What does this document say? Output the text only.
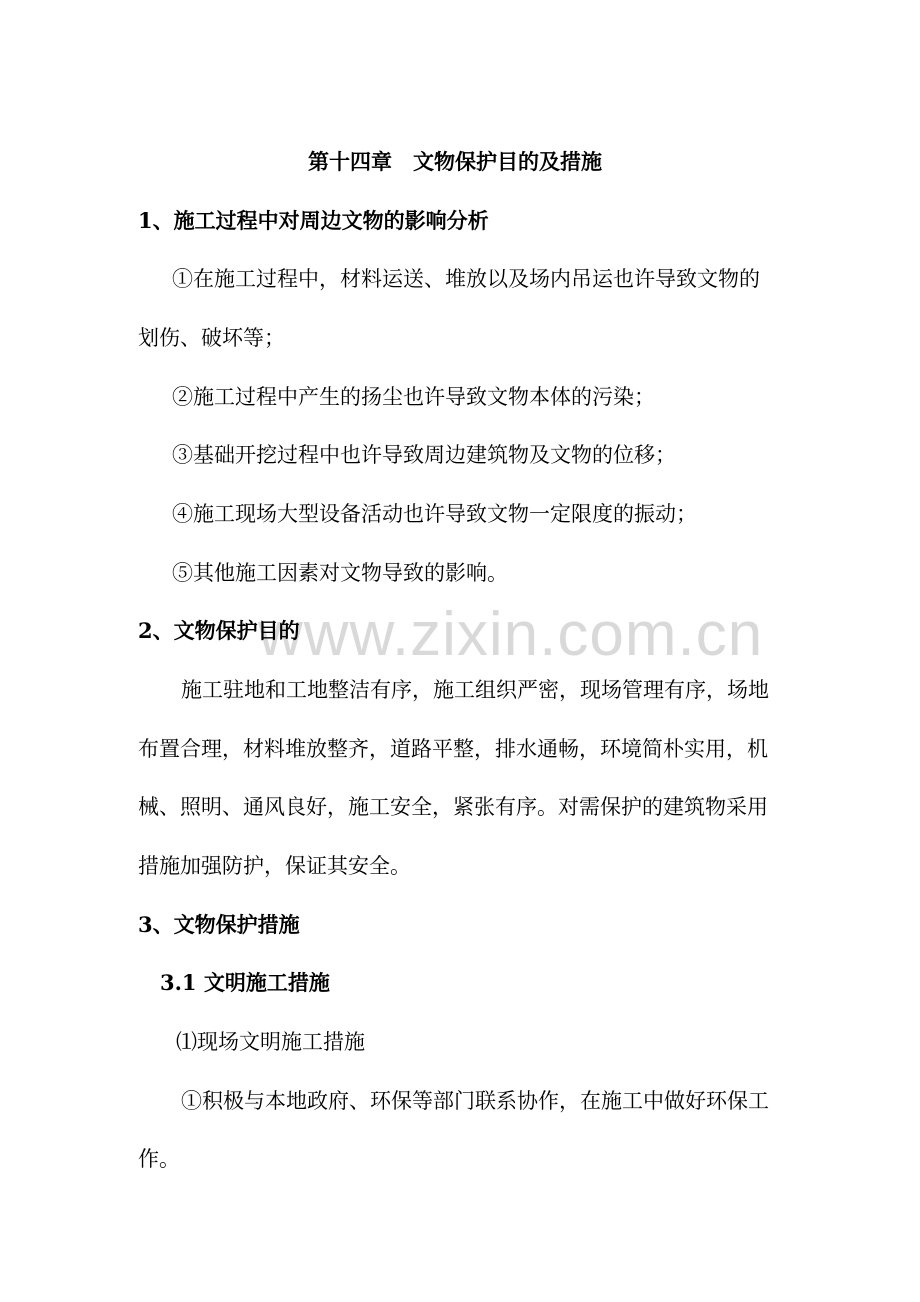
www.zixin.com.cn
第十四章　文物保护目的及措施
1、施工过程中对周边文物的影响分析
①在施工过程中，材料运送、堆放以及场内吊运也许导致文物的
划伤、破坏等；
②施工过程中产生的扬尘也许导致文物本体的污染；
③基础开挖过程中也许导致周边建筑物及文物的位移；
④施工现场大型设备活动也许导致文物一定限度的振动；
⑤其他施工因素对文物导致的影响。
2、文物保护目的
施工驻地和工地整洁有序，施工组织严密，现场管理有序，场地
布置合理，材料堆放整齐，道路平整，排水通畅，环境简朴实用，机
械、照明、通风良好，施工安全，紧张有序。对需保护的建筑物采用
措施加强防护，保证其安全。
3、文物保护措施
3.1 文明施工措施
⑴现场文明施工措施
①积极与本地政府、环保等部门联系协作，在施工中做好环保工
作。
